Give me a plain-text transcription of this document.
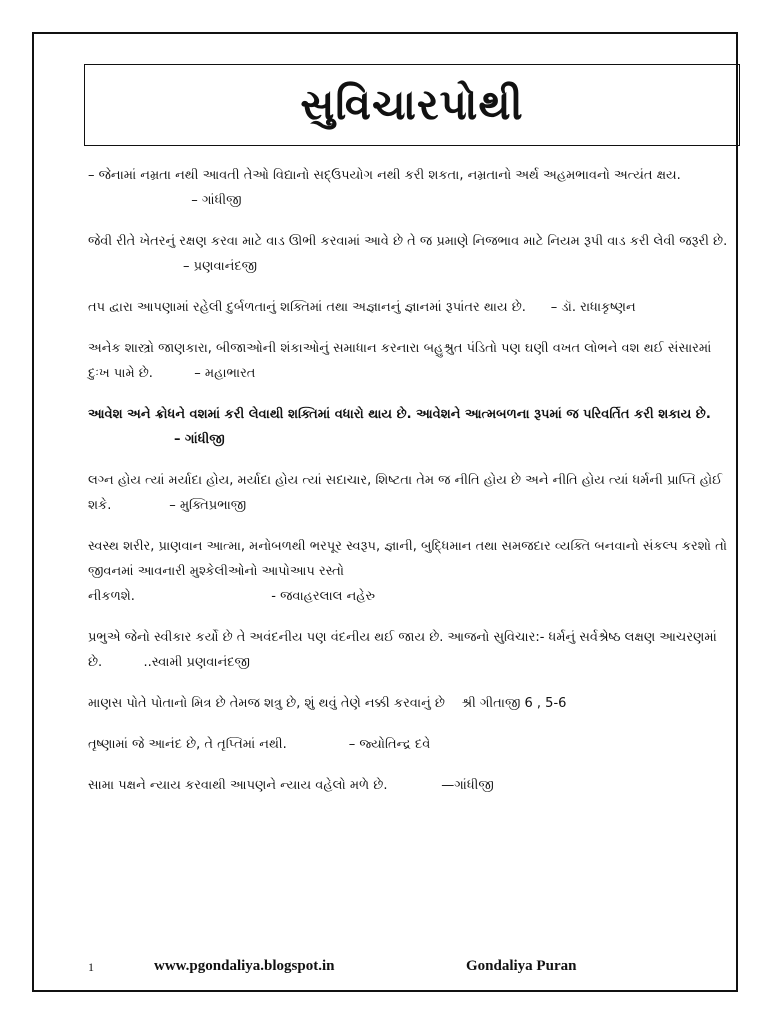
સુવિચારપોથી

– જેનામાં નમ્રતા નથી આવતી તેઓ વિદ્યાનો સદ્ઉપયોગ નથી કરી શકતા, નમ્રતાનો અર્થ અહમભાવનો અત્યંત ક્ષય.                         – ગાંધીજી

જેવી રીતે ખેતરનું રક્ષણ કરવા માટે વાડ ઊભી કરવામાં આવે છે તે જ પ્રમાણે નિજભાવ માટે નિયમ રૂપી વાડ કરી લેવી જરૂરી છે.                       – પ્રણવાનંદજી

તપ દ્વારા આપણામાં રહેલી દુર્બળતાનું શક્તિમાં તથા અજ્ઞાનનું જ્ઞાનમાં રૂપાંતર થાય છે.      – ડૉ. રાધાકૃષ્ણન

અનેક શાસ્ત્રો જાણકારા, બીજાઓની શંકાઓનું સમાધાન કરનારા બહુશ્રુત પંડિતો પણ ઘણી વખત લોભને વશ થઈ સંસારમાં દુઃખ પામે છે.          – મહાભારત

આવેશ અને ક્રોધને વશમાં કરી લેવાથી શક્તિમાં વધારો થાય છે. આવેશને આત્મબળના રૂપમાં જ પરિવર્તિત કરી શકાય છે.                   – ગાંધીજી

લગ્ન હોય ત્યાં મર્યાદા હોય, મર્યાદા હોય ત્યાં સદાચાર, શિષ્ટતા તેમ જ નીતિ હોય છે અને નીતિ હોય ત્યાં ધર્મની પ્રાપ્તિ હોઈ શકે.              – મુક્તિપ્રભાજી

સ્વસ્થ શરીર, પ્રાણવાન આત્મા, મનોબળથી ભરપૂર સ્વરૂપ, જ્ઞાની, બુદ્ધિમાન તથા સમજદાર વ્યક્તિ બનવાનો સંકલ્પ કરશો તો જીવનમાં આવનારી મુશ્કેલીઓનો આપોઆપ રસ્તો
નીકળશે.                                 - જવાહરલાલ નહેરુ

પ્રભુએ જેનો સ્વીકાર કર્યો છે તે અવંદનીય પણ વંદનીય થઈ જાય છે. આજનો સુવિચાર:- ધર્મનું સર્વશ્રેષ્ઠ લક્ષણ આચરણમાં છે.          ..સ્વામી પ્રણવાનંદજી

માણસ પોતે પોતાનો મિત્ર છે તેમજ શત્રુ છે, શું થવું તેણે નક્કી કરવાનું છે    શ્રી ગીતાજી 6 , 5-6

તૃષ્ણામાં જે આનંદ છે, તે તૃપ્તિમાં નથી.               – જ્યોતિન્દ્ર દવે

સામા પક્ષને ન્યાય કરવાથી આપણને ન્યાય વહેલો મળે છે.             —ગાંધીજી

1	www.pgondaliya.blogspot.in	Gondaliya Puran
